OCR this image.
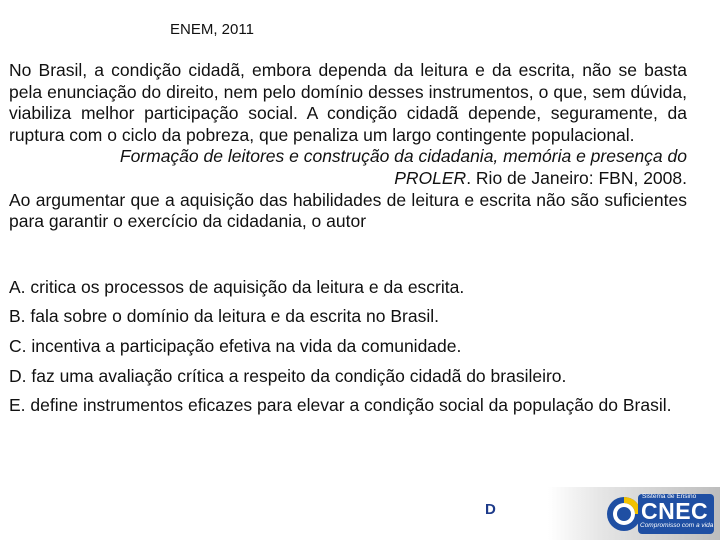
ENEM, 2011

No Brasil, a condição cidadã, embora dependa da leitura e da escrita, não se basta pela enunciação do direito, nem pelo domínio desses instrumentos, o que, sem dúvida, viabiliza melhor participação social. A condição cidadã depende, seguramente, da ruptura com o ciclo da pobreza, que penaliza um largo contingente populacional.

Formação de leitores e construção da cidadania, memória e presença do PROLER. Rio de Janeiro: FBN, 2008.

Ao argumentar que a aquisição das habilidades de leitura e escrita não são suficientes para garantir o exercício da cidadania, o autor

A. critica os processos de aquisição da leitura e da escrita.

B. fala sobre o domínio da leitura e da escrita no Brasil.

C. incentiva a participação efetiva na vida da comunidade.

D. faz uma avaliação crítica a respeito da condição cidadã do brasileiro.

E. define instrumentos eficazes para elevar a condição social da população do Brasil.

D
Sistema de Ensino
CNEC
Compromisso com a vida
